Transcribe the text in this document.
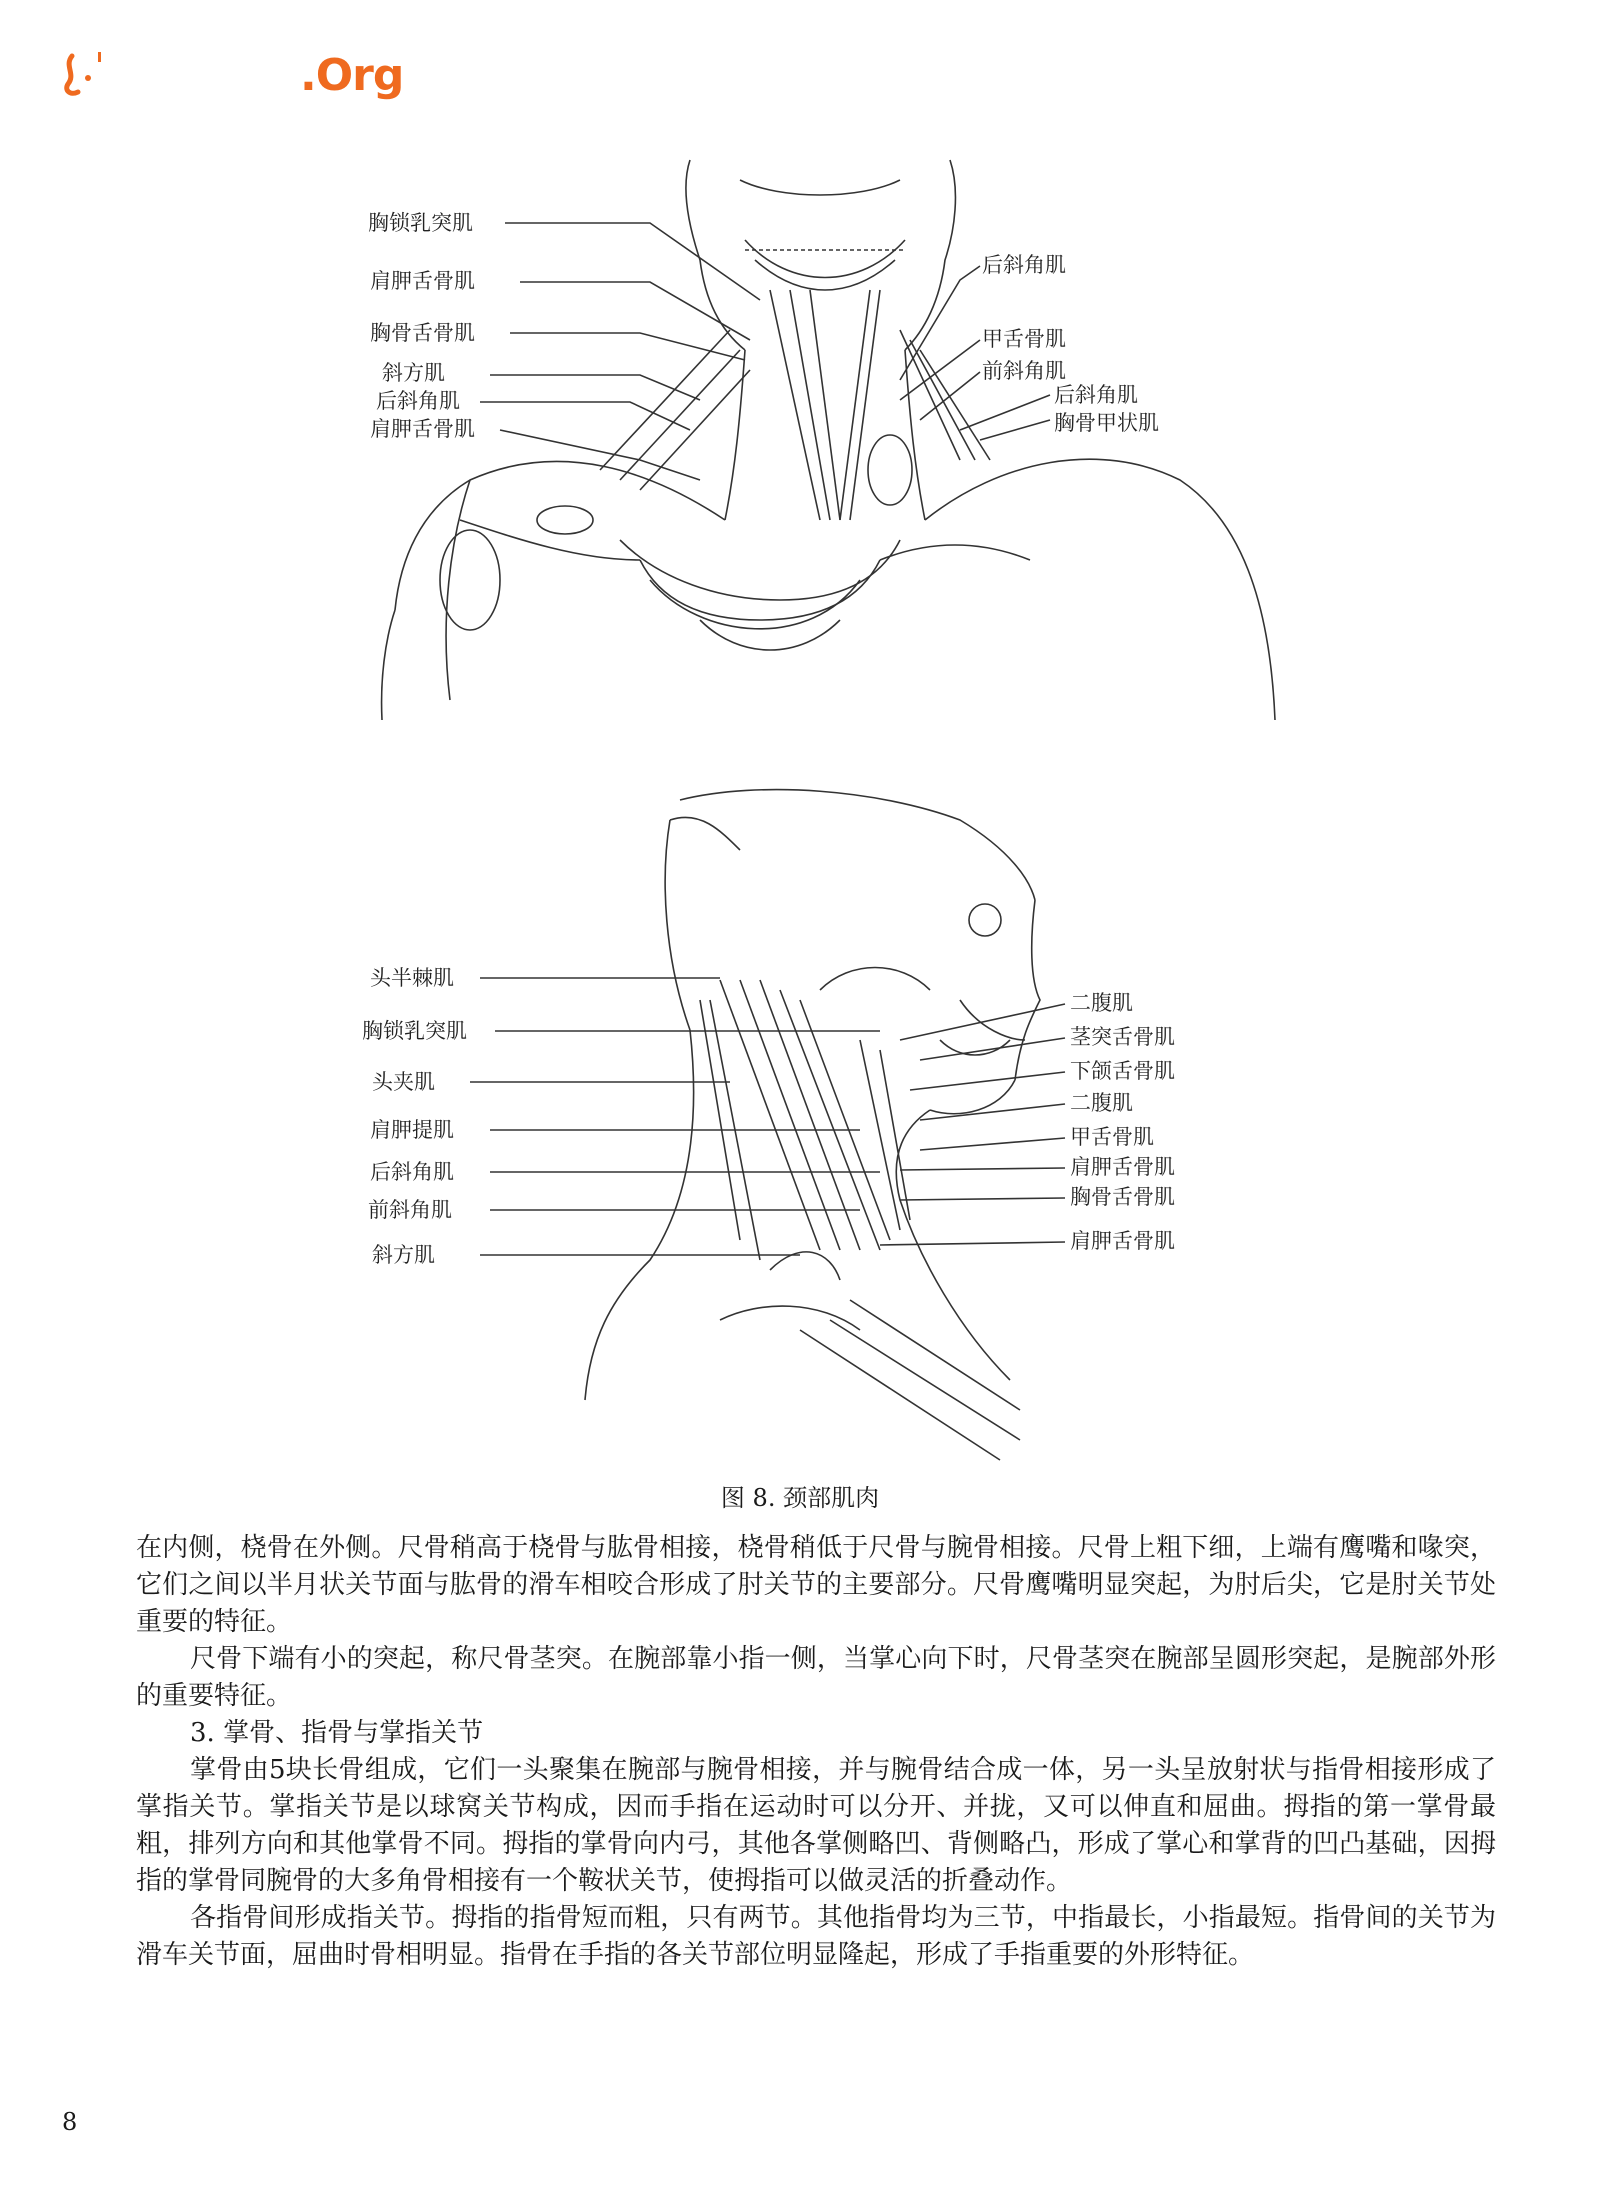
.Org
胸锁乳突肌
肩胛舌骨肌
胸骨舌骨肌
斜方肌
后斜角肌
肩胛舌骨肌
后斜角肌
甲舌骨肌
前斜角肌
后斜角肌
胸骨甲状肌
头半棘肌
胸锁乳突肌
头夹肌
肩胛提肌
后斜角肌
前斜角肌
斜方肌
二腹肌
茎突舌骨肌
下颌舌骨肌
二腹肌
甲舌骨肌
肩胛舌骨肌
胸骨舌骨肌
肩胛舌骨肌
图 8. 颈部肌肉

在内侧，桡骨在外侧。尺骨稍高于桡骨与肱骨相接，桡骨稍低于尺骨与腕骨相接。尺骨上粗下细，上端有鹰嘴和喙突，它们之间以半月状关节面与肱骨的滑车相咬合形成了肘关节的主要部分。尺骨鹰嘴明显突起，为肘后尖，它是肘关节处重要的特征。

尺骨下端有小的突起，称尺骨茎突。在腕部靠小指一侧，当掌心向下时，尺骨茎突在腕部呈圆形突起，是腕部外形的重要特征。

3. 掌骨、指骨与掌指关节

掌骨由5块长骨组成，它们一头聚集在腕部与腕骨相接，并与腕骨结合成一体，另一头呈放射状与指骨相接形成了掌指关节。掌指关节是以球窝关节构成，因而手指在运动时可以分开、并拢，又可以伸直和屈曲。拇指的第一掌骨最粗，排列方向和其他掌骨不同。拇指的掌骨向内弓，其他各掌侧略凹、背侧略凸，形成了掌心和掌背的凹凸基础，因拇指的掌骨同腕骨的大多角骨相接有一个鞍状关节，使拇指可以做灵活的折叠动作。

各指骨间形成指关节。拇指的指骨短而粗，只有两节。其他指骨均为三节，中指最长，小指最短。指骨间的关节为滑车关节面，屈曲时骨相明显。指骨在手指的各关节部位明显隆起，形成了手指重要的外形特征。

8
